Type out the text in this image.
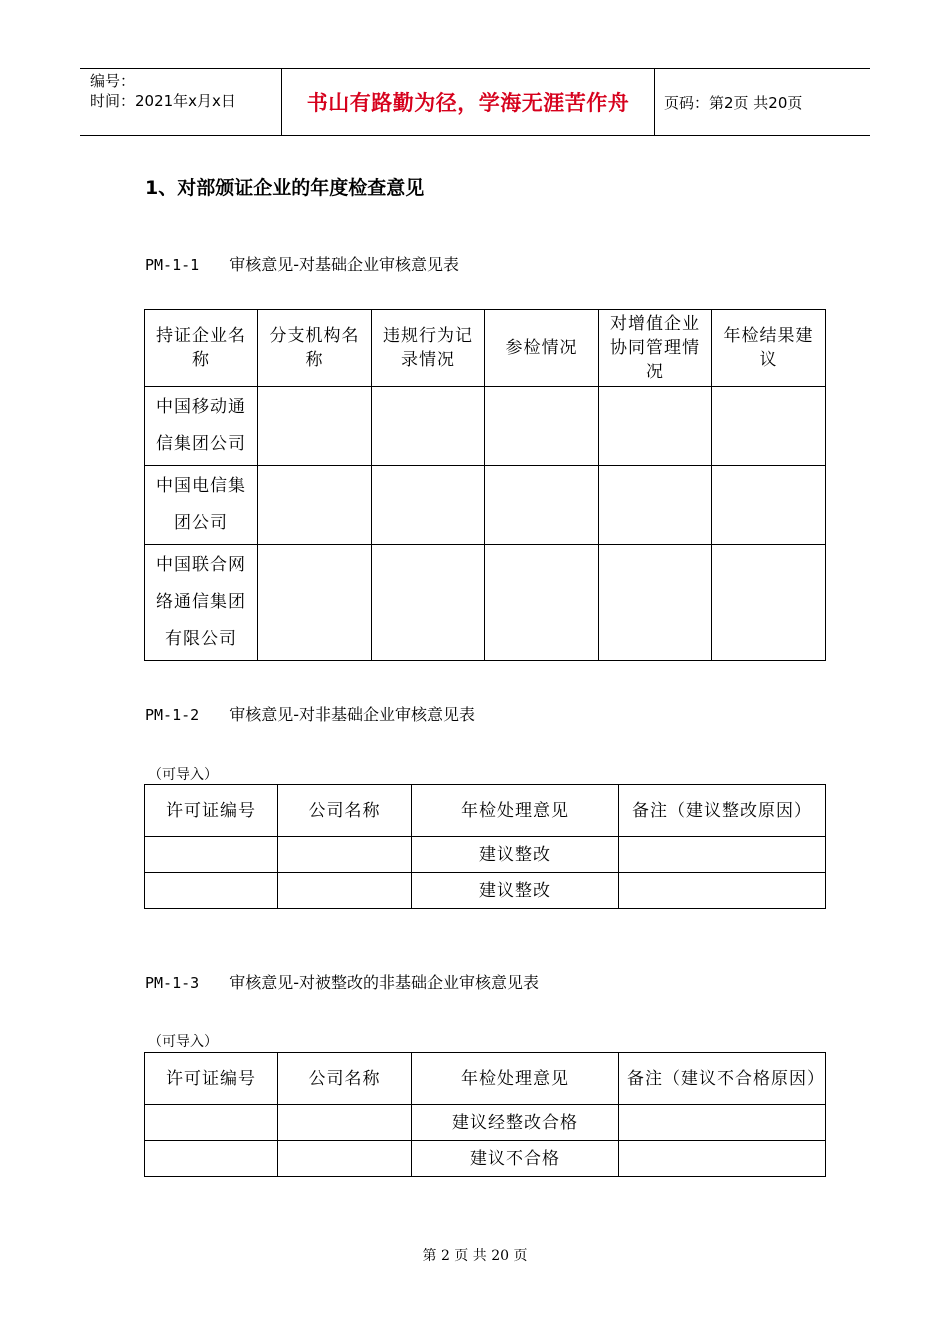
编号：
时间：2021年x月x日	书山有路勤为径，学海无涯苦作舟	页码：第2页 共20页
1、对部颁证企业的年度检查意见
PM-1-1 审核意见-对基础企业审核意见表
持证企业名称	分支机构名称	违规行为记录情况	参检情况	对增值企业协同管理情况	年检结果建议
中国移动通信集团公司					
中国电信集团公司					
中国联合网络通信集团有限公司					
PM-1-2 审核意见-对非基础企业审核意见表
（可导入）
许可证编号	公司名称	年检处理意见	备注（建议整改原因）
		建议整改	
		建议整改	
PM-1-3 审核意见-对被整改的非基础企业审核意见表
（可导入）
许可证编号	公司名称	年检处理意见	备注（建议不合格原因）
		建议经整改合格	
		建议不合格	
第 2 页 共 20 页
